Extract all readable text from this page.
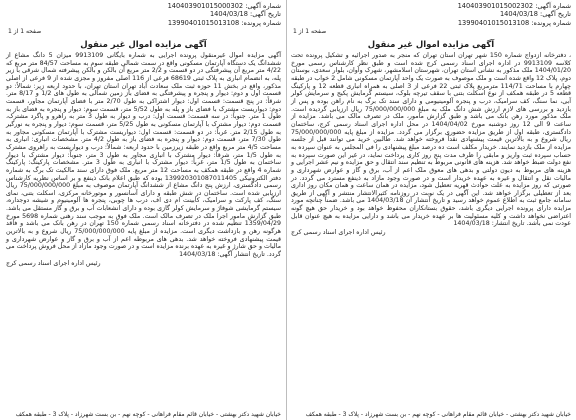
شماره آگهی: 140403901015002302
تاریخ آگهی: 1404/03/18
شماره پرونده: 13990401015013108
صفحه 1 از 1
آگهی مزایده اموال غیر منقول

، دفترخانه ازدواج شماره 150 شهر تهران استان تهران که منجر به صدور اجرائیه و تشکیل پرونده تحت کلاسه 9913109 در اداره اجرای اسناد رسمی کرج شده است و طبق نظر کارشناس رسمی مورخ 1404/01/20 ملک مذکور به نشانی استان تهران، شهرستان اسلامشهر، شهرک واوان، بلوار سعدی، بوستان دوم، پلاک 12 واقع شده است و ملک موصوف به صورت یک واحد آپارتمان مسکونی شامل 2 خواب در طبقه چهارم با مساحت 114/71 مترمربع پلاک ثبتی 22 فرعی از 3 اصلی به همراه انباری قطعه 12 و پارکینگ قطعه 5 در طبقه همکف از نوع اسکلت بتنی با سقف تیرچه بلوک، سیستم گرمایش پکیج و سرمایش کولر آبی، نما سنگ، کف سرامیک، درب و پنجره آلومینیومی و دارای سند تک برگ به نام راهن بوده و پس از بازدید و بررسی های لازم ارزش شش دانگ ملک به مبلغ 75/000/000/000 ریال ارزیابی گردیده است. ملک مذکور مورد رهن بانک می باشد و طبق گزارش مامور، ملک در تصرف مالک می باشد. مزایده از ساعت 9 الی 12 روز دوشنبه مورخ 1404/04/02 در محل اداره اجرای اسناد رسمی کرج، ساختمان دادگستری، طبقه اول از طریق مزایده حضوری برگزار می گردد. مزایده از مبلغ پایه 75/000/000/000 ریال شروع و به بالاترین قیمت پیشنهادی نقداً فروخته خواهد شد. طالبین خرید می توانند قبل از جلسه مزایده از ملک بازدید نمایند. خریدار مکلف است ده درصد مبلغ پیشنهادی را فی المجلس به عنوان سپرده به حساب سپرده ثبت واریز و مابقی را ظرف مدت پنج روز کاری پرداخت نماید، در غیر این صورت سپرده به نفع دولت ضبط خواهد شد. هزینه های قانونی مربوط به تنظیم سند انتقال و حق مزایده و نیم عشر اجرایی و هزینه های مربوط به دیون دولتی و بدهی های معوق ملک اعم از آب، برق و گاز و عوارض شهرداری و مالیات نقل و انتقال و غیره به عهده خریدار است و در صورت وجود مازاد به ذینفع مسترد می گردد. در صورتی که روز مزایده به علت حوادث قهریه تعطیل شود، مزایده در همان ساعت و همان مکان روز اداری بعد از تعطیلی برگزار خواهد شد. این آگهی در یک نوبت در روزنامه کثیرالانتشار منتشر و آگهی از طریق سامانه جامع ثبت به اطلاع عموم خواهد رسید و تاریخ انتشار آن 1404/03/18 می باشد. ضمناً چنانچه مورد مزایده دارای پرونده اجرایی دیگری باشد، حقوق بستانکاران محفوظ خواهد بود و خریدار حق هیچ گونه اعتراضی نخواهد داشت و کلیه مسئولیت ها بر عهده خریدار می باشد و دارایی مزایده به هیچ عنوان قابل عودت نمی باشد. تاریخ انتشار: 1404/03/18

رئیس اداره اجرای اسناد رسمی کرج
خیابان شهید دکتر بهشتی - خیابان قائم مقام فراهانی - کوچه نهم - بن بست شهرزاد - پلاک 3 - طبقه همکف
شماره آگهی: 140403901015000302
تاریخ آگهی: 1404/03/18
شماره پرونده: 13990401015013108
صفحه 1 از 1
آگهی مزایده اموال غیر منقول

آگهی مزایده اموال غیرمنقول پرونده اجرایی به شماره بایگانی 9913109 میزان 5 دانگ مشاع از ششدانگ یک دستگاه آپارتمان مسکونی واقع در سمت شمالی طبقه سوم به مساحت 84/57 متر مربع که 4/22 متر مربع آن پیشرفتگی در دو قسمت و 2/2 متر مربع آن بالکن و بالکن پیشرفته شمال شرقی با زیر پله، به انضمام انباری به پلاک ثبتی 68619 فرعی از 116 اصلی مفروز و مجزی شده از 9 فرعی از اصلی مذکور، واقع در بخش 11 حوزه ثبت ملک سعادت آباد تهران استان تهران، با حدود اربعه زیر: شمالاً: دو قسمت اول و دوم: دیوار و پنجره و پیشرفتگی به فضای باز زمین شمالی به طول های 1/2 و 8/17 متر. شرقاً: در پنج قسمت: قسمت اول: دیوار اشتراکی به طول 2/70 متر با فضای آپارتمان مجاور، قسمت دوم: دیواریست مشترک با فضای باز و پله به طول 5/52 متر، قسمت سوم: دیوار و پنجره به فضای باز به طول 1 متر. جنوباً: در سه قسمت: قسمت اول: درب و دیوار به طول 3 متر به راهرو و پاگرد مشترک، قسمت دوم: دیوار مشترک با آپارتمان مسکونی به طول 5/25 متر، قسمت سوم: دیوار و پنجره به نورگیر به طول 2/15 متر. غرباً: در دو قسمت: قسمت اول: دیواریست مشترک با آپارتمان مسکونی مجاور به طول 7/30 متر، قسمت دوم: دیوار و پنجره به فضای باز به طول 4/2 متر. مشخصات انباری: انباری به مساحت 4/5 متر مربع واقع در طبقه زیرزمین با حدود اربعه: شمالاً: درب و دیواریست به راهروی مشترک به طول 1/5 متر، شرقاً: دیوار مشترک با انباری مجاور به طول 3 متر، جنوباً: دیوار مشترک با دیوار ساختمان به طول 1/5 متر، غرباً: دیوار مشترک با انباری به طول 3 متر. مشخصات پارکینگ: پارکینگ شماره 4 واقع در طبقه همکف به مساحت 12 متر مربع. ملک فوق دارای سند مالکیت تک برگ به شماره دفتر الکترونیکی 139920301087011405 بوده که طبق اعلام بانک ذینفع و بر اساس نظریه کارشناس رسمی دادگستری، ارزش پنج دانگ مشاع از ششدانگ آپارتمان موصوف به مبلغ 75/000/000/000 ریال ارزیابی شده است. ساختمان در شش طبقه و دارای آسانسور و موتورخانه مرکزی، اسکلت بتنی، نمای سنگ، کف پارکت و سرامیک، کابینت ام دی اف، درب ها چوبی، پنجره ها آلومینیوم و شیشه دوجداره، سیستم گرمایشی شوفاژ و سرمایش کولر گازی بوده و دارای انشعابات آب و برق و گاز مستقل می باشد. طبق گزارش مامور اجرا ملک در تصرف مالک است. ملک فوق به موجب سند رهنی شماره 5698 مورخ 1359/04/29 تنظیم شده در دفترخانه اسناد رسمی شماره 150 تهران در رهن بانک می باشد و فاقد هرگونه رهن و بازداشت دیگری است. مزایده از مبلغ پایه 75/000/000/000 ریال شروع و به بالاترین قیمت پیشنهادی فروخته خواهد شد. بدهی های مربوطه اعم از آب و برق و گاز و عوارض شهرداری و مالیات و حق شارژ و غیره به عهده برنده مزایده است و در صورت وجود مازاد از محل فروش پرداخت می گردد. تاریخ انتشار آگهی: 1404/03/18

رئیس اداره اجرای اسناد رسمی کرج
خیابان شهید دکتر بهشتی - خیابان قائم مقام فراهانی - کوچه نهم - بن بست شهرزاد - پلاک 3 - طبقه همکف
